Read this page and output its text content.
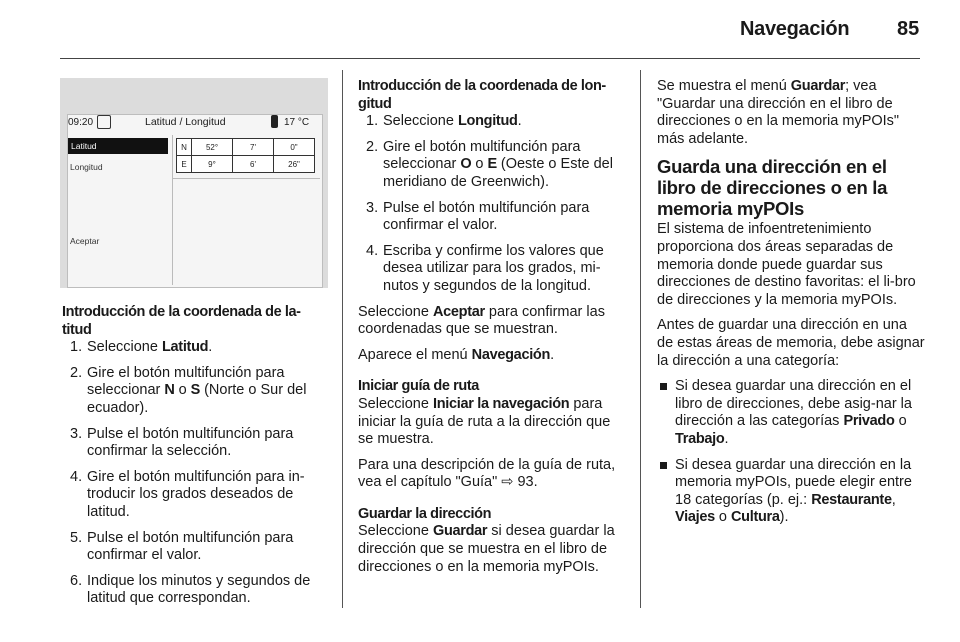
Navegación 85
09:20	Latitud / Longitud	17 °C
Latitud
Longitud
Aceptar
N	52°	7'	0"
E	9°	6'	26"
Introducción de la coordenada de la-titud
1. Seleccione Latitud.
2. Gire el botón multifunción para seleccionar N o S (Norte o Sur del ecuador).
3. Pulse el botón multifunción para confirmar la selección.
4. Gire el botón multifunción para in-troducir los grados deseados de latitud.
5. Pulse el botón multifunción para confirmar el valor.
6. Indique los minutos y segundos de latitud que correspondan.
Introducción de la coordenada de lon-gitud
1. Seleccione Longitud.
2. Gire el botón multifunción para seleccionar O o E (Oeste o Este del meridiano de Greenwich).
3. Pulse el botón multifunción para confirmar el valor.
4. Escriba y confirme los valores que desea utilizar para los grados, mi-nutos y segundos de la longitud.

Seleccione Aceptar para confirmar las coordenadas que se muestran.

Aparece el menú Navegación.

Iniciar guía de ruta

Seleccione Iniciar la navegación para iniciar la guía de ruta a la dirección que se muestra.

Para una descripción de la guía de ruta, vea el capítulo "Guía" ⇨ 93.

Guardar la dirección

Seleccione Guardar si desea guardar la dirección que se muestra en el libro de direcciones o en la memoria myPOIs.

Se muestra el menú Guardar; vea "Guardar una dirección en el libro de direcciones o en la memoria myPOIs" más adelante.

Guarda una dirección en el libro de direcciones o en la memoria myPOIs

El sistema de infoentretenimiento proporciona dos áreas separadas de memoria donde puede guardar sus direcciones de destino favoritas: el li-bro de direcciones y la memoria myPOIs.

Antes de guardar una dirección en una de estas áreas de memoria, debe asignar la dirección a una categoría:

Si desea guardar una dirección en el libro de direcciones, debe asig-nar la dirección a las categorías Privado o Trabajo.
Si desea guardar una dirección en la memoria myPOIs, puede elegir entre 18 categorías (p. ej.: Restaurante, Viajes o Cultura).
